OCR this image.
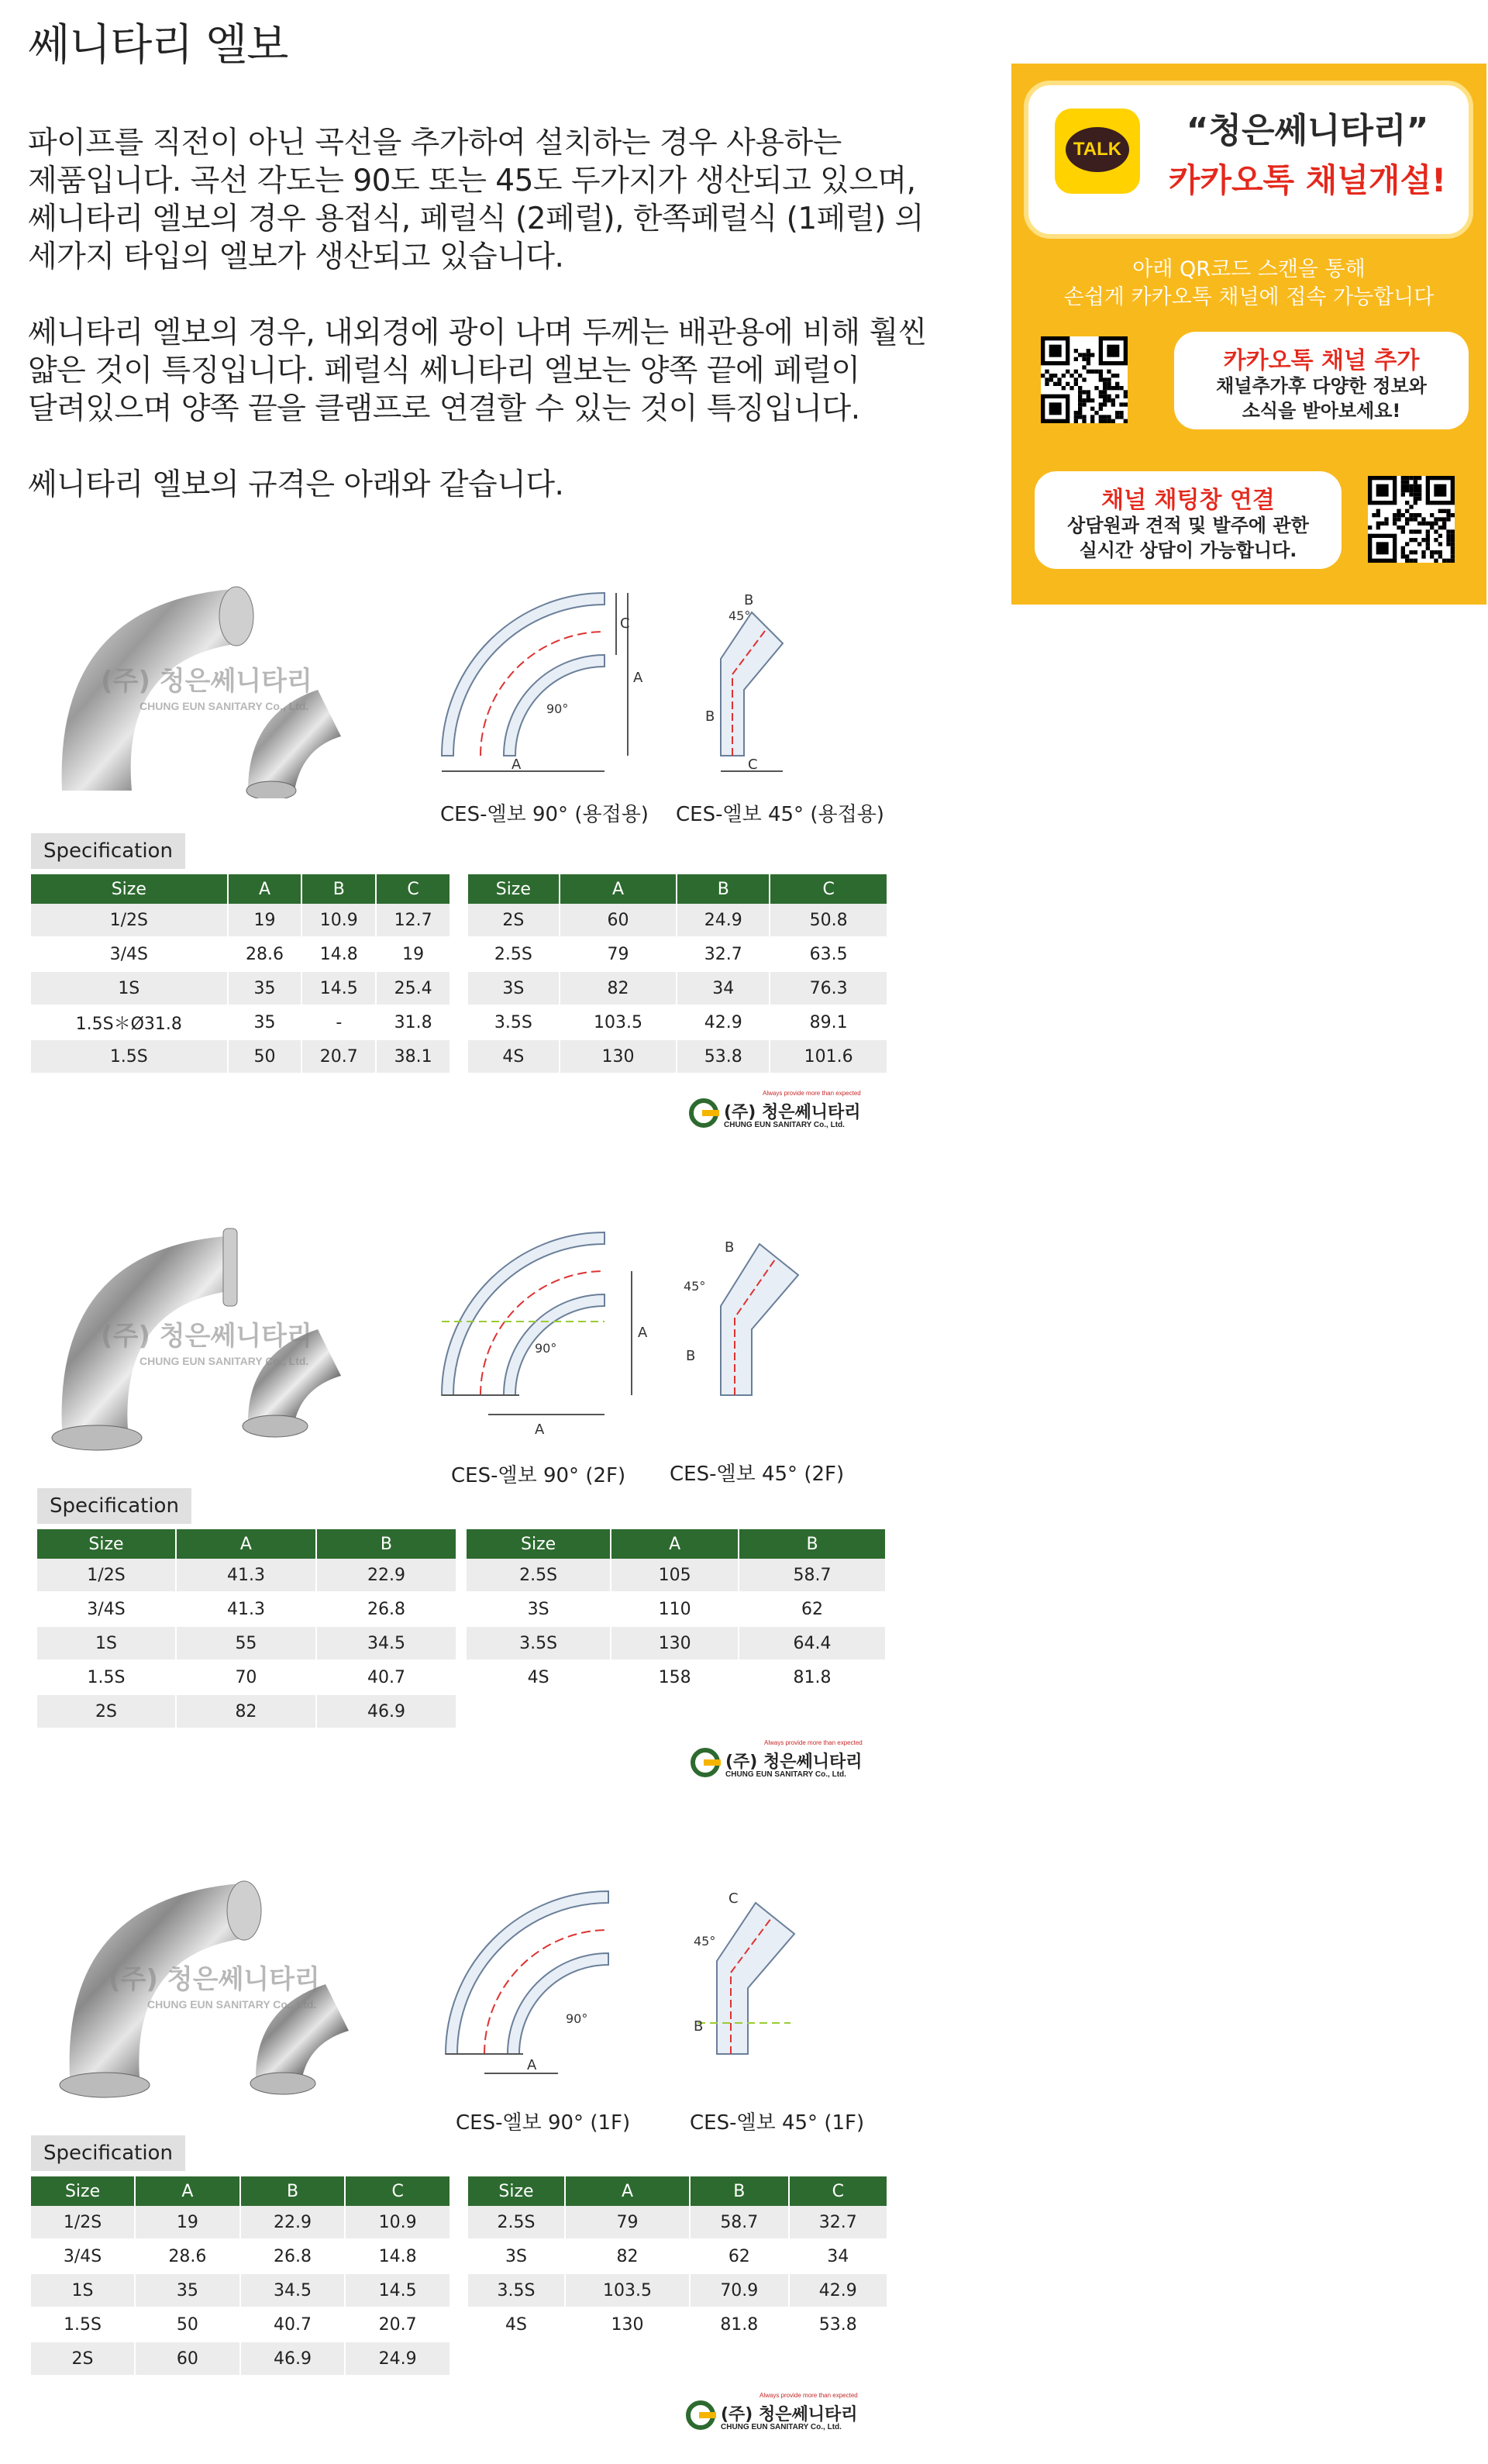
쎄니타리 엘보

파이프를 직전이 아닌 곡선을 추가하여 설치하는 경우 사용하는
제품입니다. 곡선 각도는 90도 또는 45도 두가지가 생산되고 있으며,
쎄니타리 엘보의 경우 용접식, 페럴식 (2페럴), 한쪽페럴식 (1페럴) 의
세가지 타입의 엘보가 생산되고 있습니다.

쎄니타리 엘보의 경우, 내외경에 광이 나며 두께는 배관용에 비해 훨씬
얇은 것이 특징입니다. 페럴식 쎄니타리 엘보는 양쪽 끝에 페럴이
달려있으며 양쪽 끝을 클램프로 연결할 수 있는 것이 특징입니다.

쎄니타리 엘보의 규격은 아래와 같습니다.

TALK	“청은쎄니타리”
카카오톡 채널개설!
아래 QR코드 스캔을 통해
손쉽게 카카오톡 채널에 접속 가능합니다
카카오톡 채널 추가
채널추가후 다양한 정보와
소식을 받아보세요!
채널 채팅창 연결
상담원과 견적 및 발주에 관한
실시간 상담이 가능합니다.
(주) 청은쎄니타리
CHUNG EUN SANITARY Co., Ltd.
A
A
C
90°	B
45°
B
C
CES-엘보 90° (용접용) CES-엘보 45° (용접용)
Specification
Size	A	B	C
1/2S	19	10.9	12.7
3/4S	28.6	14.8	19
1S	35	14.5	25.4
1.5S＊Ø31.8	35	-	31.8
1.5S	50	20.7	38.1
Size	A	B	C
2S	60	24.9	50.8
2.5S	79	32.7	63.5
3S	82	34	76.3
3.5S	103.5	42.9	89.1
4S	130	53.8	101.6
Always provide more than expected
(주) 청은쎄니타리
CHUNG EUN SANITARY Co., Ltd.
(주) 청은쎄니타리
CHUNG EUN SANITARY Co., Ltd.
A
A
90°	B
45°
B
CES-엘보 90° (2F) CES-엘보 45° (2F)
Specification
Size	A	B
1/2S	41.3	22.9
3/4S	41.3	26.8
1S	55	34.5
1.5S	70	40.7
2S	82	46.9
Size	A	B
2.5S	105	58.7
3S	110	62
3.5S	130	64.4
4S	158	81.8
Always provide more than expected
(주) 청은쎄니타리
CHUNG EUN SANITARY Co., Ltd.
(주) 청은쎄니타리
CHUNG EUN SANITARY Co., Ltd.
A
90°	B
45°
C
CES-엘보 90° (1F)	CES-엘보 45° (1F)
Specification
Size	A	B	C
1/2S	19	22.9	10.9
3/4S	28.6	26.8	14.8
1S	35	34.5	14.5
1.5S	50	40.7	20.7
2S	60	46.9	24.9
Size	A	B	C
2.5S	79	58.7	32.7
3S	82	62	34
3.5S	103.5	70.9	42.9
4S	130	81.8	53.8
Always provide more than expected
(주) 청은쎄니타리
CHUNG EUN SANITARY Co., Ltd.
